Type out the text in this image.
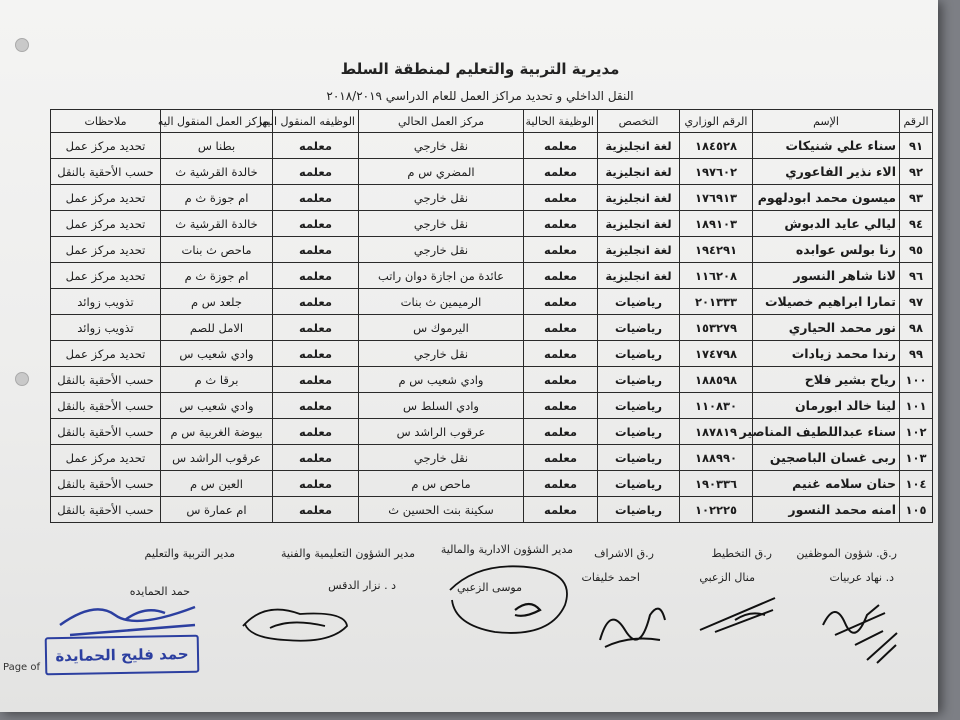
مديرية التربية والتعليم لمنطقة السلط
النقل الداخلي و تحديد مراكز العمل للعام الدراسي ٢٠١٨/٢٠١٩
الرقم	الإسم	الرقم الوزاري	التخصص	الوظيفة الحالية	مركز العمل الحالي	الوظيفه المنقول اليها	مركز العمل المنقول اليه	ملاحظات
٩١	سناء علي شنيكات	١٨٤٥٢٨	لغة انجليزية	معلمه	نقل خارجي	معلمه	بطنا س	تحديد مركز عمل
٩٢	الاء نذير الفاعوري	١٩٧٦٠٢	لغة انجليزية	معلمه	المضري س م	معلمه	خالدة القرشية ث	حسب الأحقية بالنقل
٩٣	ميسون محمد ابودلهوم	١٧٦٩١٣	لغة انجليزية	معلمه	نقل خارجي	معلمه	ام جوزة ث م	تحديد مركز عمل
٩٤	ليالي عايد الدبوش	١٨٩١٠٣	لغة انجليزية	معلمه	نقل خارجي	معلمه	خالدة القرشية ث	تحديد مركز عمل
٩٥	رنا بولس عوابده	١٩٤٢٩١	لغة انجليزية	معلمه	نقل خارجي	معلمه	ماحص ث بنات	تحديد مركز عمل
٩٦	لانا شاهر النسور	١١٦٢٠٨	لغة انجليزية	معلمه	عائدة من اجازة دوان راتب	معلمه	ام جوزة ث م	تحديد مركز عمل
٩٧	تمارا ابراهيم خصيلات	٢٠١٣٣٣	رياضيات	معلمه	الرميمين ث بنات	معلمه	جلعد س م	تذويب زوائد
٩٨	نور محمد الحياري	١٥٣٢٧٩	رياضيات	معلمه	اليرموك س	معلمه	الامل للصم	تذويب زوائد
٩٩	رندا محمد زيادات	١٧٤٧٩٨	رياضيات	معلمه	نقل خارجي	معلمه	وادي شعيب س	تحديد مركز عمل
١٠٠	رياح بشير فلاح	١٨٨٥٩٨	رياضيات	معلمه	وادي شعيب س م	معلمه	برقا ث م	حسب الأحقية بالنقل
١٠١	لينا خالد ابورمان	١١٠٨٣٠	رياضيات	معلمه	وادي السلط س	معلمه	وادي شعيب س	حسب الأحقية بالنقل
١٠٢	سناء عبداللطيف المناصير	١٨٧٨١٩	رياضيات	معلمه	عرقوب الراشد س	معلمه	بيوضة الغربية س م	حسب الأحقية بالنقل
١٠٣	ربى غسان الباصجين	١٨٨٩٩٠	رياضيات	معلمه	نقل خارجي	معلمه	عرقوب الراشد س	تحديد مركز عمل
١٠٤	حنان سلامه غنيم	١٩٠٣٣٦	رياضيات	معلمه	ماحص س م	معلمه	العين س م	حسب الأحقية بالنقل
١٠٥	امنه محمد النسور	١٠٢٢٢٥	رياضيات	معلمه	سكينة بنت الحسين ث	معلمه	ام عمارة س	حسب الأحقية بالنقل
ر.ق. شؤون الموظفين
ر.ق التخطيط
ر.ق الاشراف
مدير الشؤون الادارية والمالية
مدير الشؤون التعليمية والفنية
مدير التربية والتعليم
د. نهاد عربيات
منال الزعبي
احمد خليفات
موسى الزعبي
د . نزار الدقس
حمد الحمايده
حمد فليح الحمايدة
Page of
